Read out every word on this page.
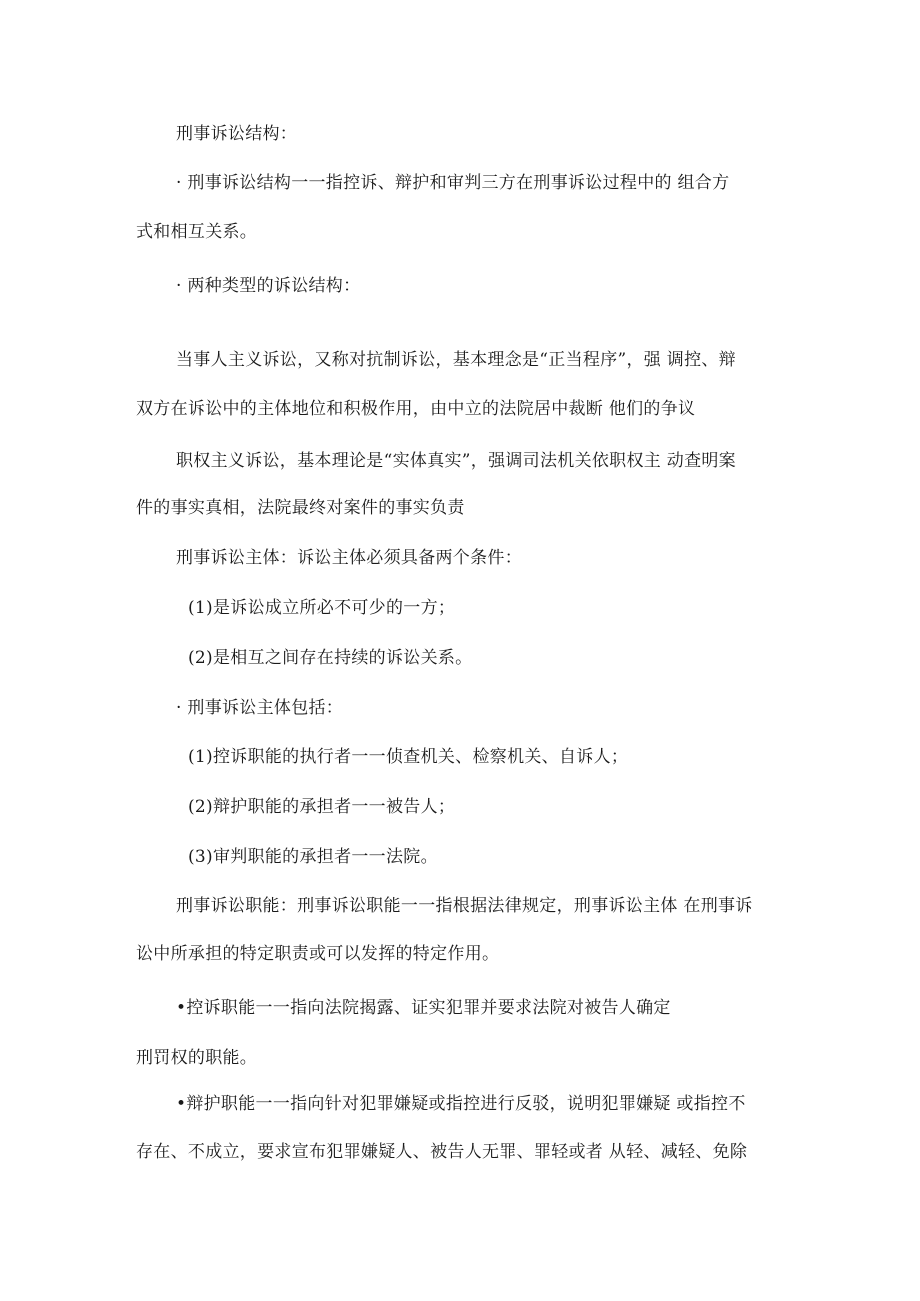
刑事诉讼结构：
· 刑事诉讼结构一一指控诉、辩护和审判三方在刑事诉讼过程中的 组合方
式和相互关系。
· 两种类型的诉讼结构：
当事人主义诉讼，又称对抗制诉讼，基本理念是“正当程序”，强 调控、辩
双方在诉讼中的主体地位和积极作用，由中立的法院居中裁断 他们的争议
职权主义诉讼，基本理论是“实体真实”，强调司法机关依职权主 动查明案
件的事实真相，法院最终对案件的事实负责
刑事诉讼主体：诉讼主体必须具备两个条件：
(1)是诉讼成立所必不可少的一方；
(2)是相互之间存在持续的诉讼关系。
· 刑事诉讼主体包括：
(1)控诉职能的执行者一一侦查机关、检察机关、自诉人；
(2)辩护职能的承担者一一被告人；
(3)审判职能的承担者一一法院。
刑事诉讼职能：刑事诉讼职能一一指根据法律规定，刑事诉讼主体 在刑事诉
讼中所承担的特定职责或可以发挥的特定作用。
•控诉职能一一指向法院揭露、证实犯罪并要求法院对被告人确定
刑罚权的职能。
•辩护职能一一指向针对犯罪嫌疑或指控进行反驳，说明犯罪嫌疑 或指控不
存在、不成立，要求宣布犯罪嫌疑人、被告人无罪、罪轻或者 从轻、减轻、免除
